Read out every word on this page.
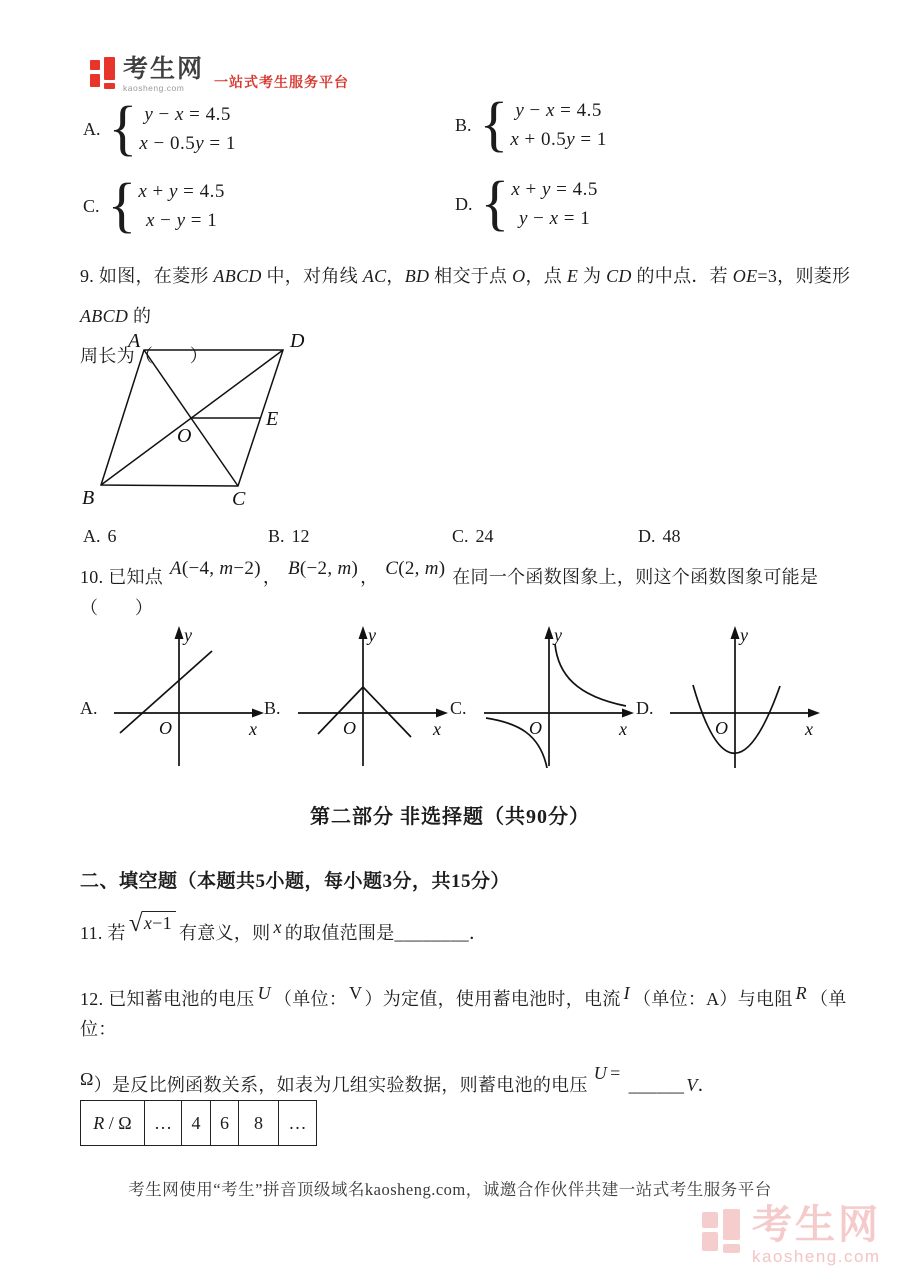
考生网
kaosheng.com	一站式考生服务平台
A. { y − x = 4.5
x − 0.5y = 1
B. { y − x = 4.5
x + 0.5y = 1
C. { x + y = 4.5
x − y = 1
D. { x + y = 4.5
y − x = 1
9. 如图，在菱形 ABCD 中，对角线 AC，BD 相交于点 O，点 E 为 CD 的中点．若 OE=3，则菱形 ABCD 的
周长为（　　）
A	D
B	C
O
E
A. 6	B. 12	C. 24	D. 48
10. 已知点 A(−4, m−2) ， B(−2, m) ， C(2, m) 在同一个函数图象上，则这个函数图象可能是（　　）
A.
O	x
y
B.
O	x
y
C.
O	x
y
D.
O	x
y
第二部分 非选择题（共90分）
二、填空题（本题共5小题，每小题3分，共15分）
11. 若 √ x−1 有意义，则 x 的取值范围是________．
12. 已知蓄电池的电压 U （单位： V ）为定值，使用蓄电池时，电流 I （单位：A）与电阻 R （单位：
Ω）是反比例函数关系，如表为几组实验数据，则蓄电池的电压U =______ V．
R / Ω	…	4	6	8	…
考生网使用“考生”拼音顶级域名kaosheng.com，诚邀合作伙伴共建一站式考生服务平台
考生网
kaosheng.com
